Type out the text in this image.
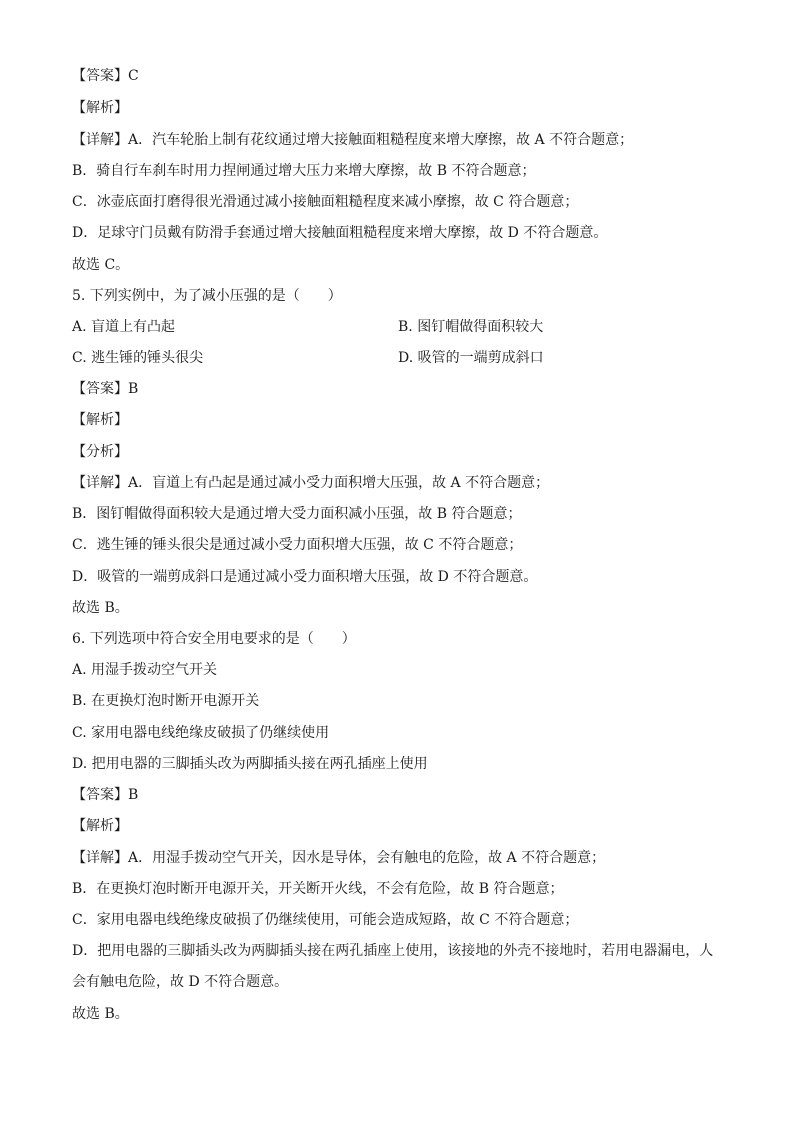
【答案】C
【解析】
【详解】A．汽车轮胎上制有花纹通过增大接触面粗糙程度来增大摩擦，故 A 不符合题意；
B．骑自行车刹车时用力捏闸通过增大压力来增大摩擦，故 B 不符合题意；
C．冰壶底面打磨得很光滑通过减小接触面粗糙程度来减小摩擦，故 C 符合题意；
D．足球守门员戴有防滑手套通过增大接触面粗糙程度来增大摩擦，故 D 不符合题意。
故选 C。
5. 下列实例中，为了减小压强的是（　　）
A. 盲道上有凸起	B. 图钉帽做得面积较大
C. 逃生锤的锤头很尖	D. 吸管的一端剪成斜口
【答案】B
【解析】
【分析】
【详解】A．盲道上有凸起是通过减小受力面积增大压强，故 A 不符合题意；
B．图钉帽做得面积较大是通过增大受力面积减小压强，故 B 符合题意；
C．逃生锤的锤头很尖是通过减小受力面积增大压强，故 C 不符合题意；
D．吸管的一端剪成斜口是通过减小受力面积增大压强，故 D 不符合题意。
故选 B。
6. 下列选项中符合安全用电要求的是（　　）
A. 用湿手拨动空气开关
B. 在更换灯泡时断开电源开关
C. 家用电器电线绝缘皮破损了仍继续使用
D. 把用电器的三脚插头改为两脚插头接在两孔插座上使用
【答案】B
【解析】
【详解】A．用湿手拨动空气开关，因水是导体，会有触电的危险，故 A 不符合题意；
B．在更换灯泡时断开电源开关，开关断开火线，不会有危险，故 B 符合题意；
C．家用电器电线绝缘皮破损了仍继续使用，可能会造成短路，故 C 不符合题意；
D．把用电器的三脚插头改为两脚插头接在两孔插座上使用，该接地的外壳不接地时，若用电器漏电，人
会有触电危险，故 D 不符合题意。
故选 B。
